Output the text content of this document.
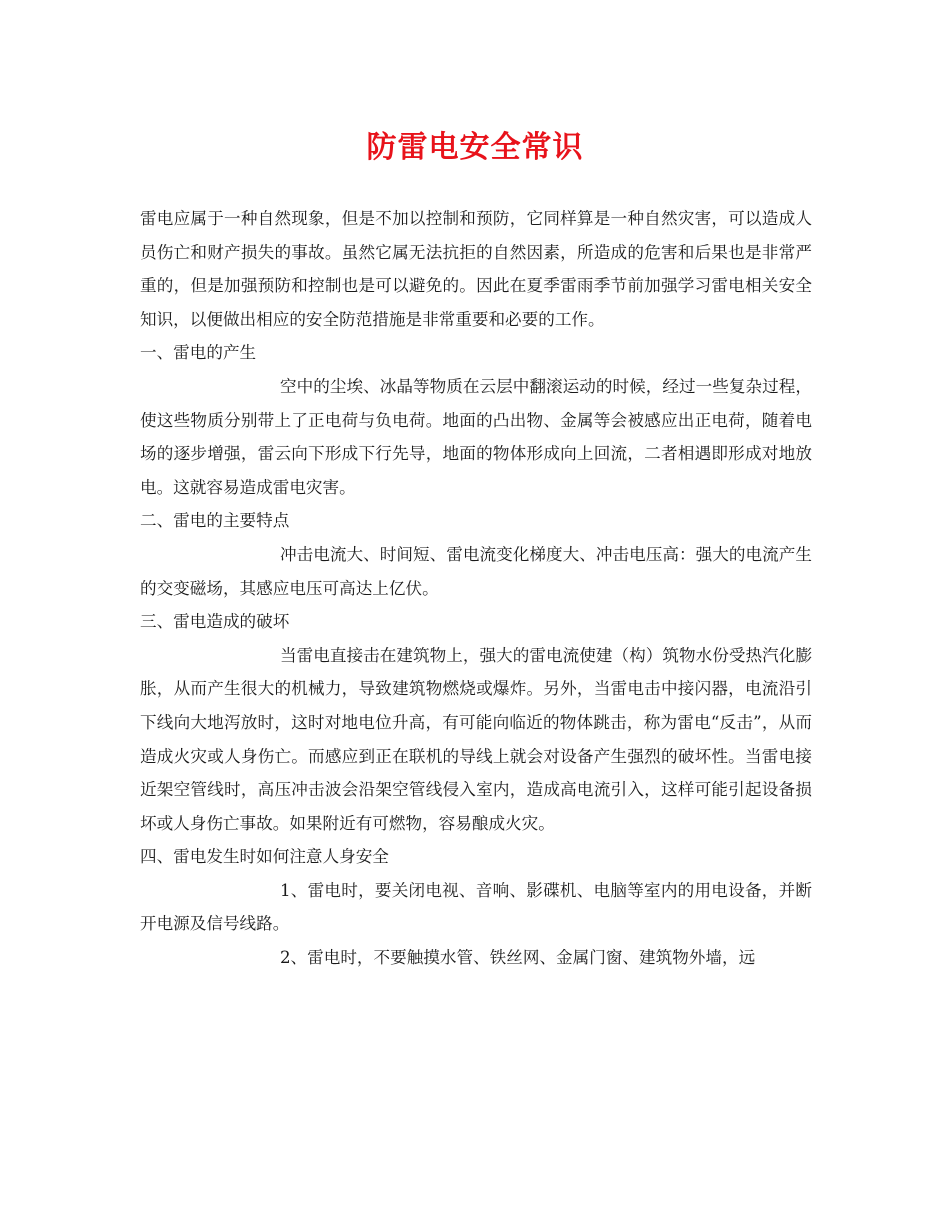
防雷电安全常识

雷电应属于一种自然现象，但是不加以控制和预防，它同样算是一种自然灾害，可以造成人员伤亡和财产损失的事故。虽然它属无法抗拒的自然因素，所造成的危害和后果也是非常严重的，但是加强预防和控制也是可以避免的。因此在夏季雷雨季节前加强学习雷电相关安全知识，以便做出相应的安全防范措施是非常重要和必要的工作。

一、雷电的产生

空中的尘埃、冰晶等物质在云层中翻滚运动的时候，经过一些复杂过程，使这些物质分别带上了正电荷与负电荷。地面的凸出物、金属等会被感应出正电荷，随着电场的逐步增强，雷云向下形成下行先导，地面的物体形成向上回流，二者相遇即形成对地放电。这就容易造成雷电灾害。

二、雷电的主要特点

冲击电流大、时间短、雷电流变化梯度大、冲击电压高：强大的电流产生的交变磁场，其感应电压可高达上亿伏。

三、雷电造成的破坏

当雷电直接击在建筑物上，强大的雷电流使建（构）筑物水份受热汽化膨胀，从而产生很大的机械力，导致建筑物燃烧或爆炸。另外，当雷电击中接闪器，电流沿引下线向大地泻放时，这时对地电位升高，有可能向临近的物体跳击，称为雷电“反击”，从而造成火灾或人身伤亡。而感应到正在联机的导线上就会对设备产生强烈的破坏性。当雷电接近架空管线时，高压冲击波会沿架空管线侵入室内，造成高电流引入，这样可能引起设备损坏或人身伤亡事故。如果附近有可燃物，容易酿成火灾。

四、雷电发生时如何注意人身安全

1、雷电时，要关闭电视、音响、影碟机、电脑等室内的用电设备，并断开电源及信号线路。

2、雷电时，不要触摸水管、铁丝网、金属门窗、建筑物外墙，远
